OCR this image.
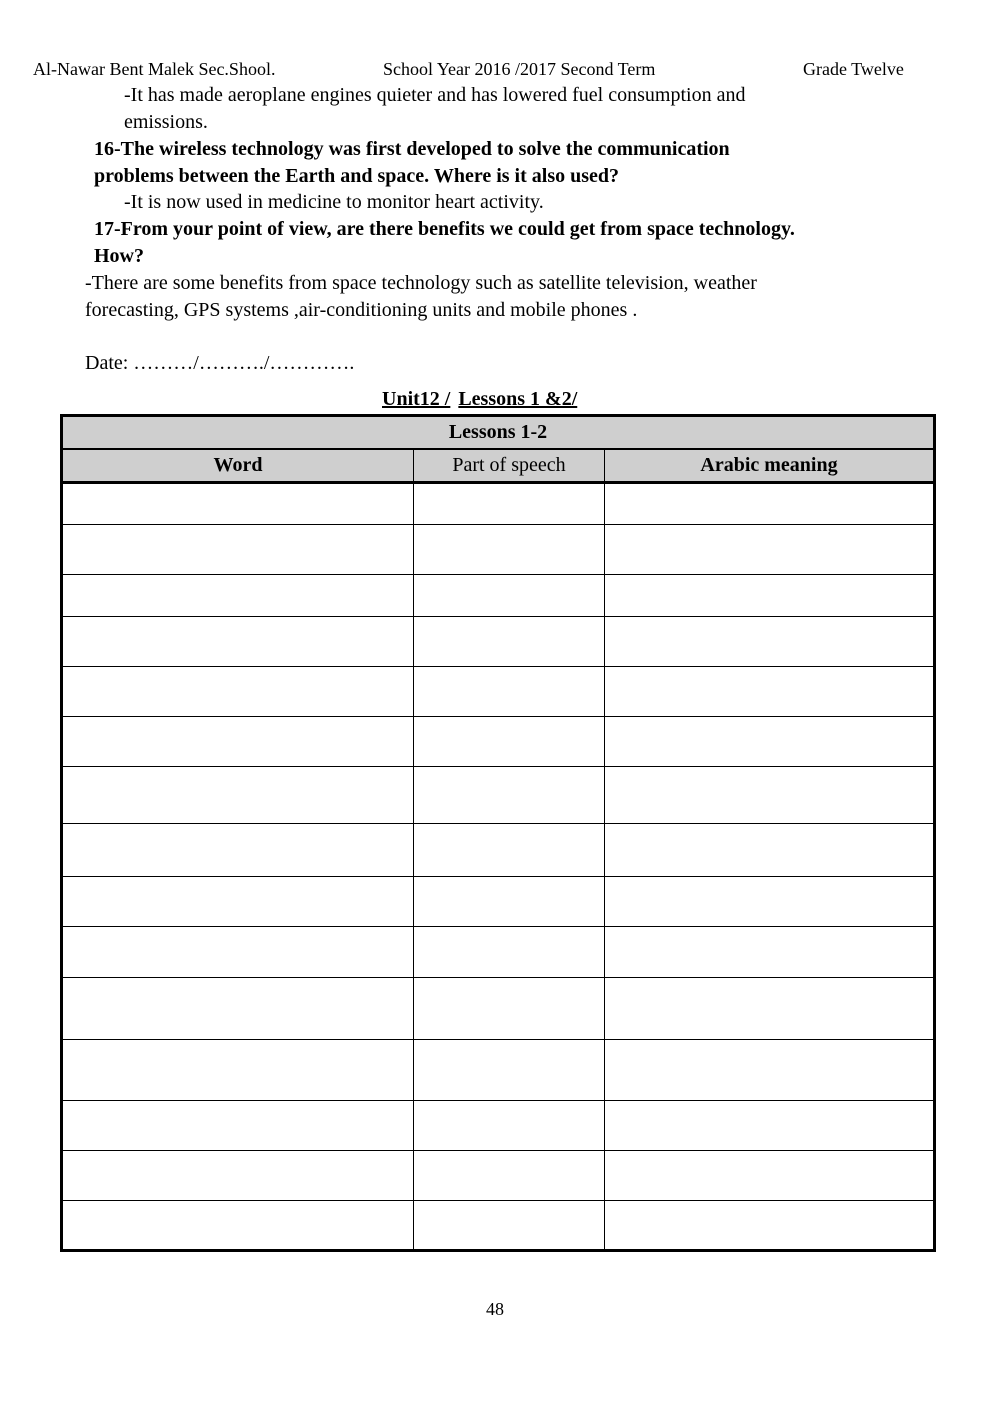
Al-Nawar Bent Malek Sec.Shool.	School Year 2016 /2017 Second Term	Grade Twelve
-It has made aeroplane engines quieter and has lowered fuel consumption and
emissions.
16-The wireless technology was first developed to solve the communication
problems between the Earth and space. Where is it also used?
-It is now used in medicine to monitor heart activity.
17-From your point of view, are there benefits we could get from space technology.
How?
-There are some benefits from space technology such as satellite television, weather
forecasting, GPS systems ,air-conditioning units and mobile phones .
Date: ………/………./………….
Unit12 / Lessons 1 &2/
Lessons 1-2		
Word	Part of speech	Arabic meaning

48
